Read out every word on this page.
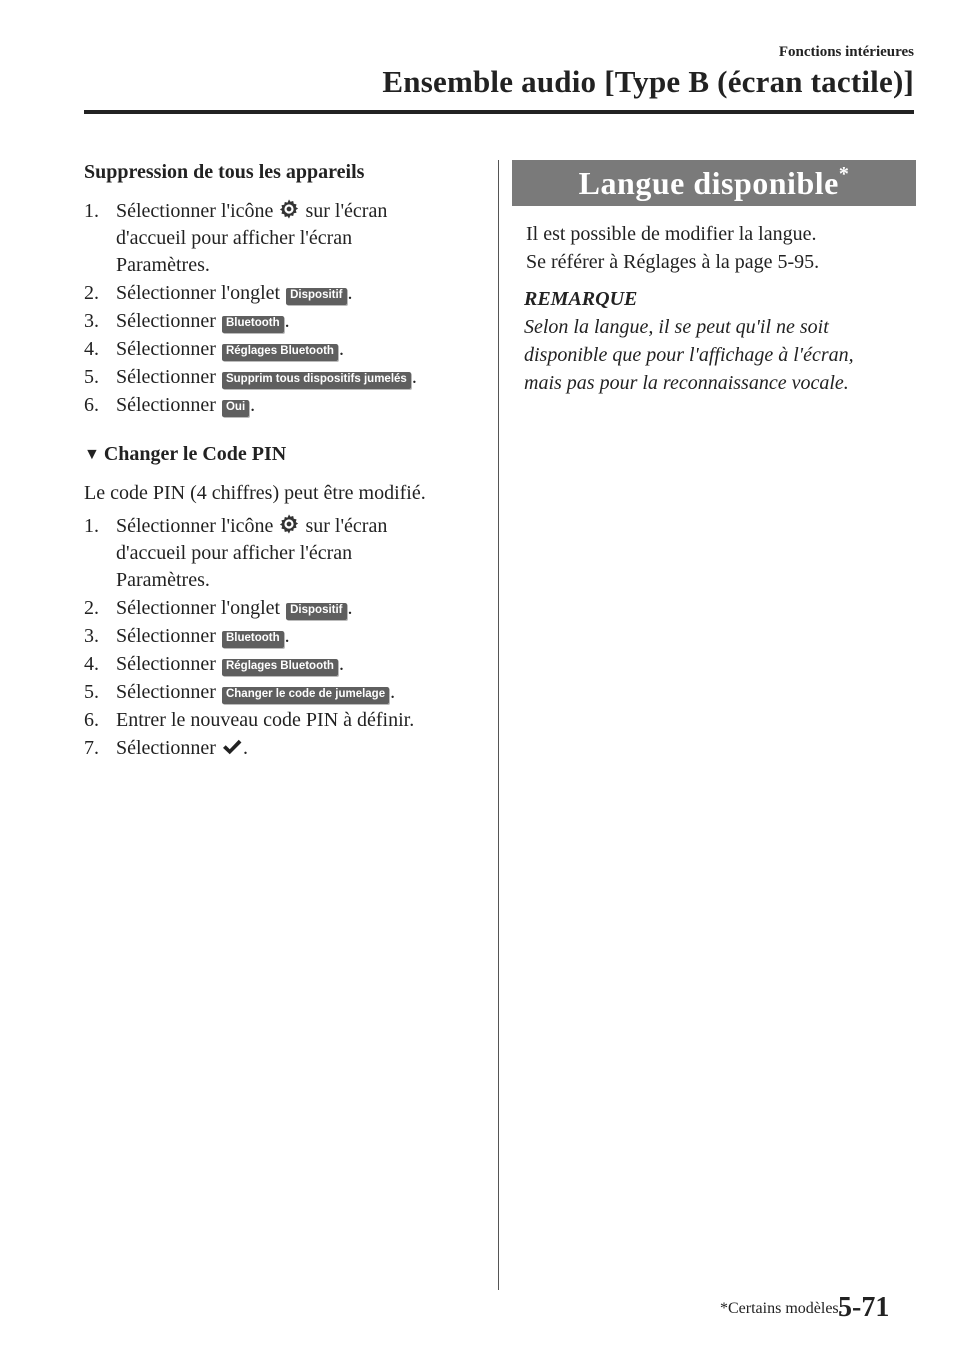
Fonctions intérieures
Ensemble audio [Type B (écran tactile)]
Suppression de tous les appareils
1. Sélectionner l'icône sur l'écran
d'accueil pour afficher l'écran
Paramètres.
2. Sélectionner l'onglet Dispositif .
3. Sélectionner Bluetooth .
4. Sélectionner Réglages Bluetooth .
5. Sélectionner Supprim tous dispositifs jumelés .
6. Sélectionner Oui .
▼ Changer le Code PIN

Le code PIN (4 chiffres) peut être modifié.

1. Sélectionner l'icône sur l'écran
d'accueil pour afficher l'écran
Paramètres.
2. Sélectionner l'onglet Dispositif .
3. Sélectionner Bluetooth .
4. Sélectionner Réglages Bluetooth .
5. Sélectionner Changer le code de jumelage .
6. Entrer le nouveau code PIN à définir.
7. Sélectionner .
Langue disponible*

Il est possible de modifier la langue.

Se référer à Réglages à la page 5-95.

REMARQUE
Selon la langue, il se peut qu'il ne soit
disponible que pour l'affichage à l'écran,
mais pas pour la reconnaissance vocale.
*Certains modèles.
5-71
